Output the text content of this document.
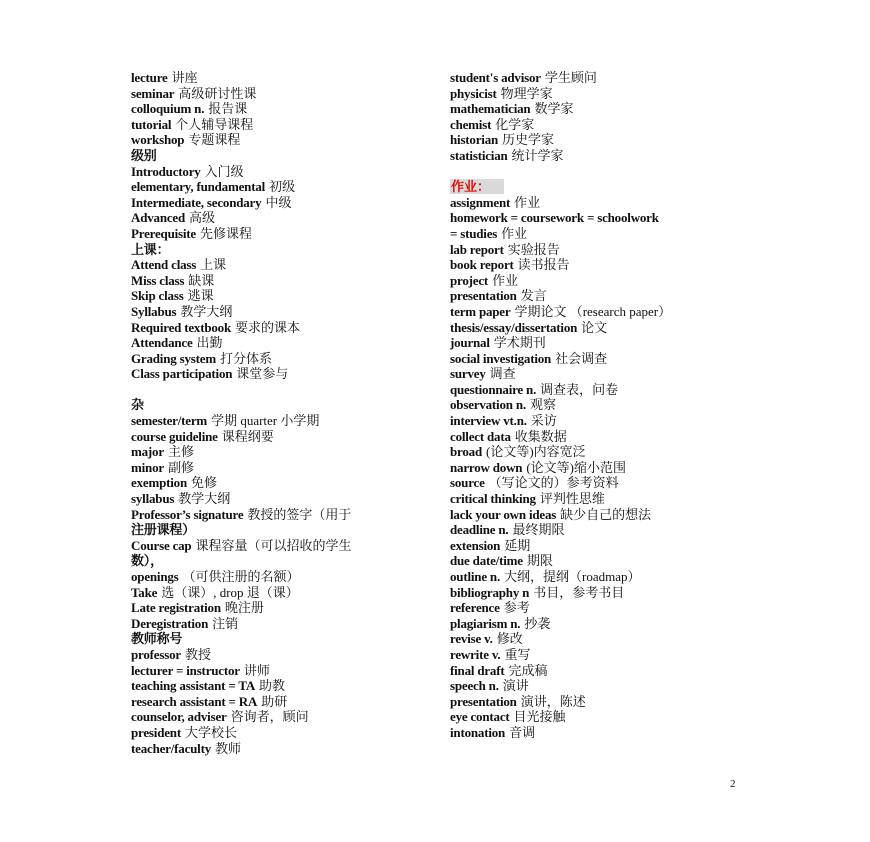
lecture 讲座
seminar 高级研讨性课
colloquium n. 报告课
tutorial 个人辅导课程
workshop 专题课程
级别
Introductory 入门级
elementary, fundamental 初级
Intermediate, secondary 中级
Advanced 高级
Prerequisite 先修课程
上课：
Attend class 上课
Miss class 缺课
Skip class 逃课
Syllabus 教学大纲
Required textbook 要求的课本
Attendance 出勤
Grading system 打分体系
Class participation 课堂参与
杂
semester/term 学期 quarter 小学期
course guideline 课程纲要
major 主修
minor 副修
exemption 免修
syllabus 教学大纲
Professor’s signature 教授的签字（用于
注册课程）
Course cap 课程容量（可以招收的学生
数），
openings （可供注册的名额）
Take 选（课）, drop 退（课）
Late registration 晚注册
Deregistration 注销
教师称号
professor 教授
lecturer = instructor 讲师
teaching assistant = TA 助教
research assistant = RA 助研
counselor, adviser 咨询者，顾问
president 大学校长
teacher/faculty 教师
student's advisor 学生顾问
physicist 物理学家
mathematician 数学家
chemist 化学家
historian 历史学家
statistician 统计学家
作业：
assignment 作业
homework = coursework = schoolwork
= studies 作业
lab report 实验报告
book report 读书报告
project 作业
presentation 发言
term paper 学期论文 （research paper）
thesis/essay/dissertation 论文
journal 学术期刊
social investigation 社会调查
survey 调查
questionnaire n. 调查表，问卷
observation n. 观察
interview vt.n. 采访
collect data 收集数据
broad (论文等)内容宽泛
narrow down (论文等)缩小范围
source （写论文的）参考资料
critical thinking 评判性思维
lack your own ideas 缺少自己的想法
deadline n. 最终期限
extension 延期
due date/time 期限
outline n. 大纲，提纲（roadmap）
bibliography n 书目，参考书目
reference 参考
plagiarism n. 抄袭
revise v. 修改
rewrite v. 重写
final draft 完成稿
speech n. 演讲
presentation 演讲，陈述
eye contact 目光接触
intonation 音调
2
